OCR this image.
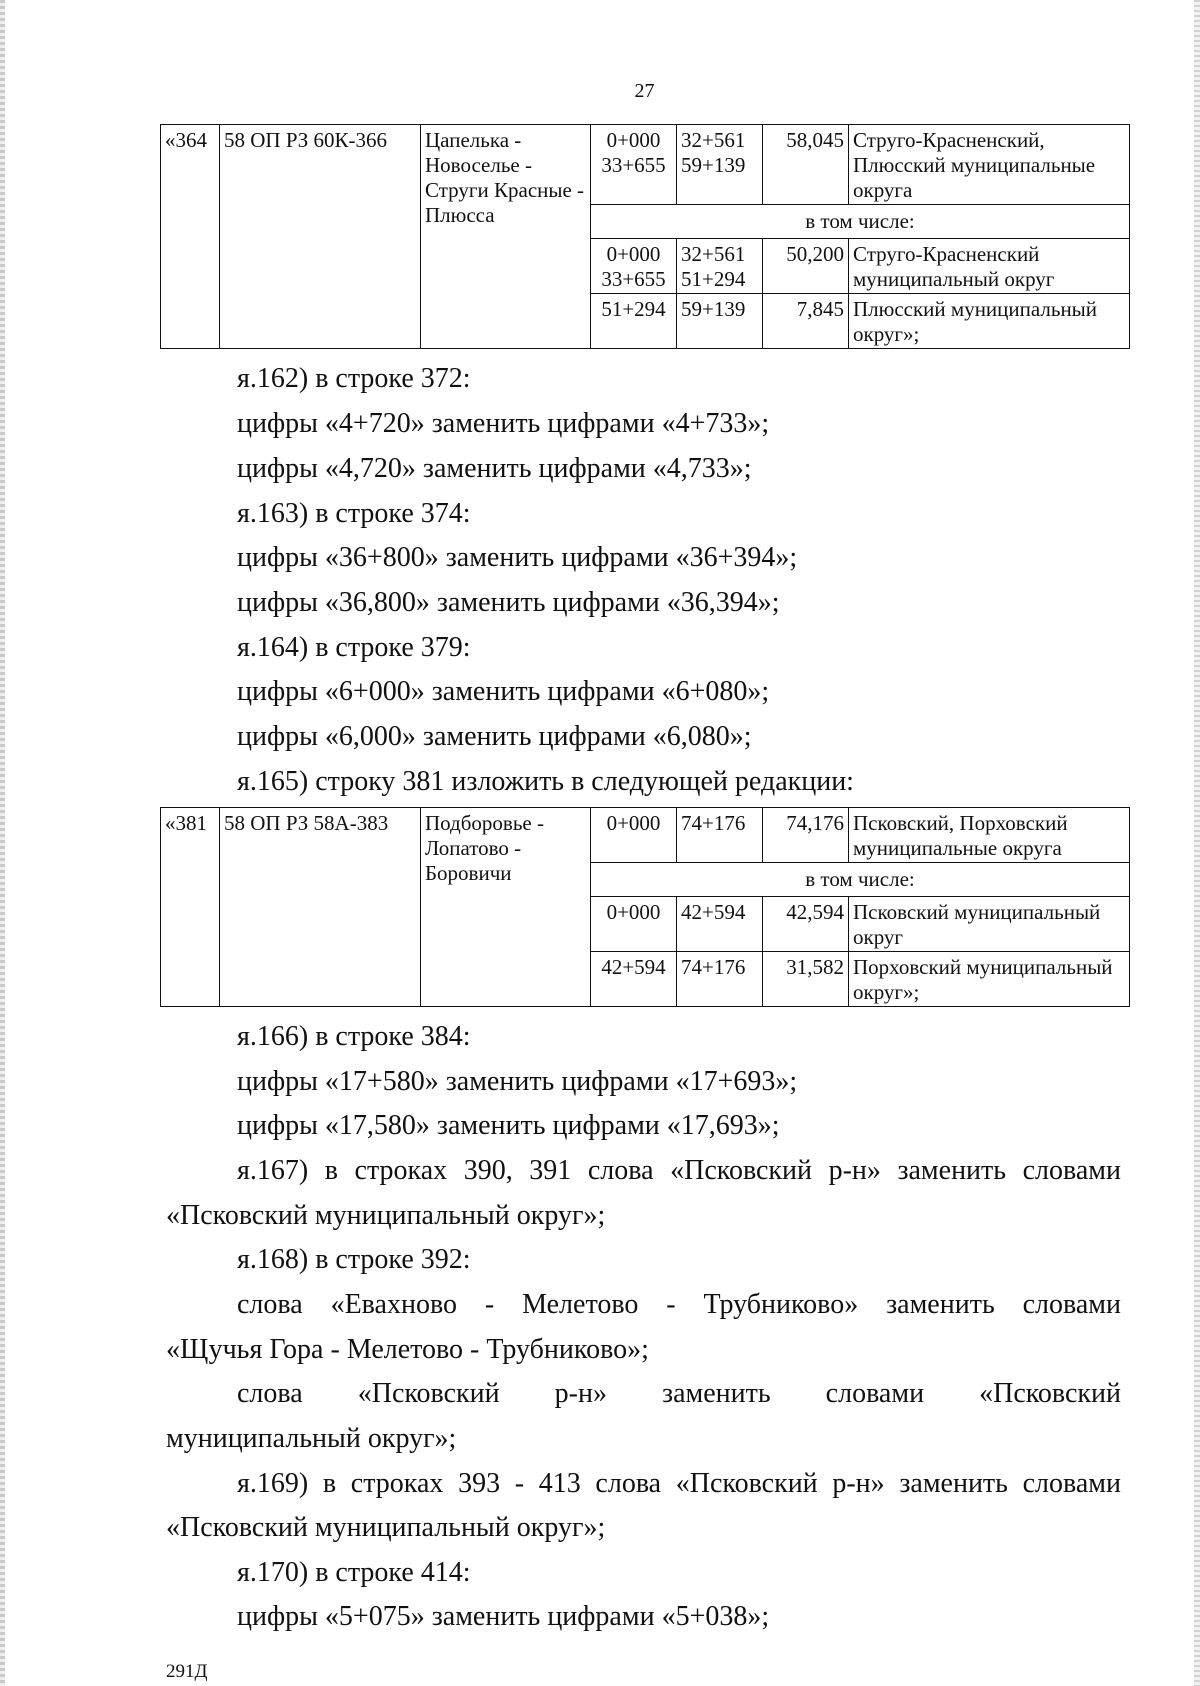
27
«364	58 ОП РЗ 60К-366	Цапелька - Новоселье - Струги Красные - Плюсса	0+000 33+655	32+561 59+139	58,045	Струго-Красненский, Плюсский муниципальные округа
			в том числе:			
			0+000 33+655	32+561 51+294	50,200	Струго-Красненский муниципальный округ
			51+294	59+139	7,845	Плюсский муниципальный округ»;
я.162) в строке 372:
цифры «4+720» заменить цифрами «4+733»;
цифры «4,720» заменить цифрами «4,733»;
я.163) в строке 374:
цифры «36+800» заменить цифрами «36+394»;
цифры «36,800» заменить цифрами «36,394»;
я.164) в строке 379:
цифры «6+000» заменить цифрами «6+080»;
цифры «6,000» заменить цифрами «6,080»;
я.165) строку 381 изложить в следующей редакции:
«381	58 ОП РЗ 58А-383	Подборовье - Лопатово - Боровичи	0+000	74+176	74,176	Псковский, Порховский муниципальные округа
			в том числе:			
			0+000	42+594	42,594	Псковский муниципальный округ
			42+594	74+176	31,582	Порховский муниципальный округ»;
я.166) в строке 384:
цифры «17+580» заменить цифрами «17+693»;
цифры «17,580» заменить цифрами «17,693»;
я.167) в строках 390, 391 слова «Псковский р-н» заменить словами
«Псковский муниципальный округ»;
я.168) в строке 392:
слова «Евахново - Мелетово - Трубниково» заменить словами
«Щучья Гора - Мелетово - Трубниково»;
слова «Псковский р-н» заменить словами «Псковский
муниципальный округ»;
я.169) в строках 393 - 413 слова «Псковский р-н» заменить словами
«Псковский муниципальный округ»;
я.170) в строке 414:
цифры «5+075» заменить цифрами «5+038»;
291Д
